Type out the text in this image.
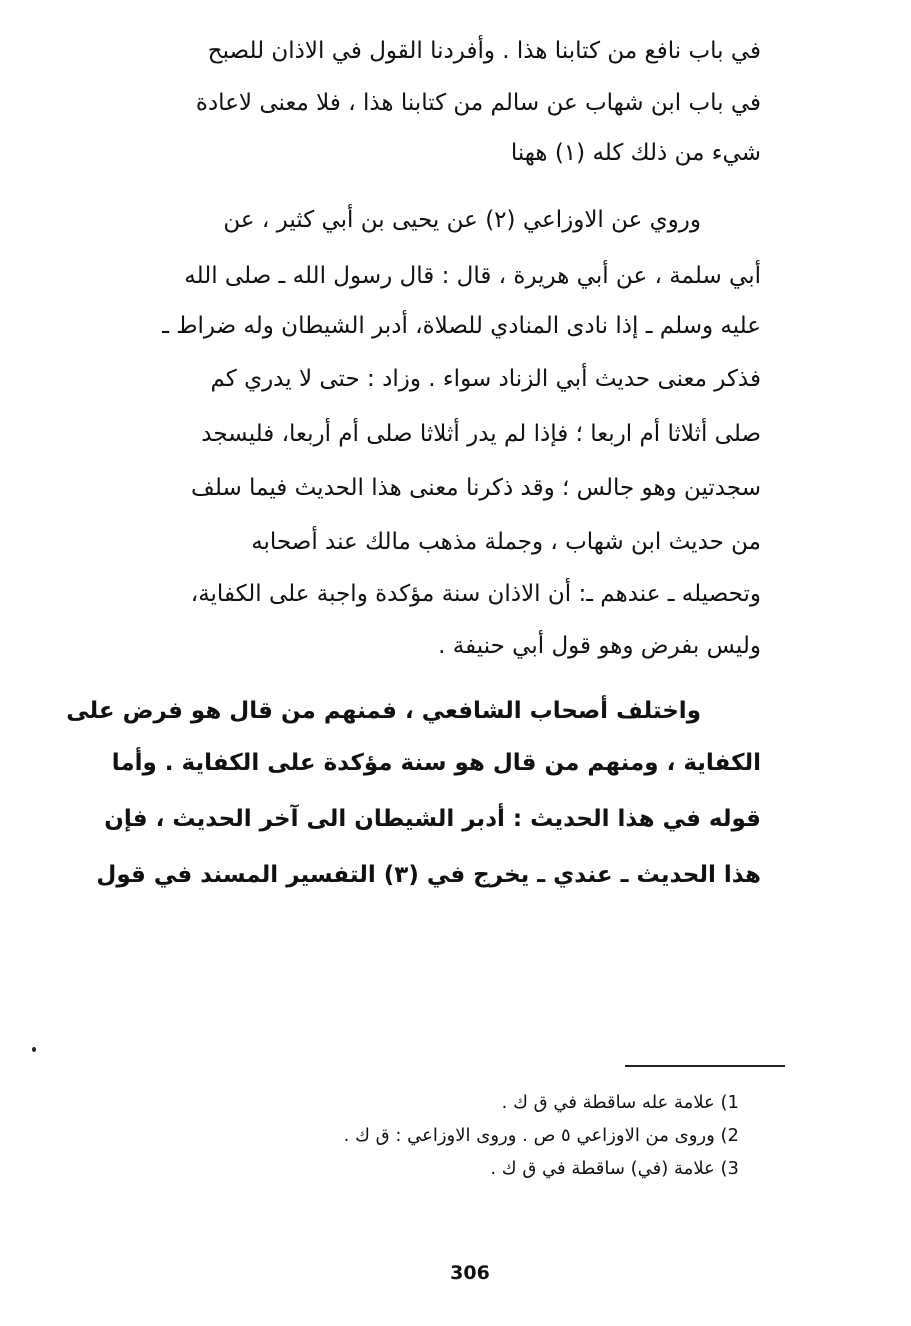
في باب نافع من كتابنا هذا . وأفردنا القول في الاذان للصبح
في باب ابن شهاب عن سالم من كتابنا هذا ، فلا معنى لاعادة
شيء من ذلك كله (١) ههنا
وروي عن الاوزاعي (٢) عن يحيى بن أبي كثير ، عن
أبي سلمة ، عن أبي هريرة ، قال : قال رسول الله ـ صلى الله
عليه وسلم ـ إذا نادى المنادي للصلاة، أدبر الشيطان وله ضراط ـ
فذكر معنى حديث أبي الزناد سواء . وزاد : حتى لا يدري كم
صلى أثلاثا أم اربعا ؛ فإذا لم يدر أثلاثا صلى أم أربعا، فليسجد
سجدتين وهو جالس ؛ وقد ذكرنا معنى هذا الحديث فيما سلف
من حديث ابن شهاب ، وجملة مذهب مالك عند أصحابه
وتحصيله ـ عندهم ـ: أن الاذان سنة مؤكدة واجبة على الكفاية،
وليس بفرض وهو قول أبي حنيفة .
واختلف أصحاب الشافعي ، فمنهم من قال هو فرض على
الكفاية ، ومنهم من قال هو سنة مؤكدة على الكفاية . وأما
قوله في هذا الحديث : أدبر الشيطان الى آخر الحديث ، فإن
هذا الحديث ـ عندي ـ يخرج في (٣) التفسير المسند في قول
1) علامة عله ساقطة في ق ك .
2) وروى من الاوزاعي ٥ ص . وروى الاوزاعي : ق ك .
3) علامة (في) ساقطة في ق ك .
306
